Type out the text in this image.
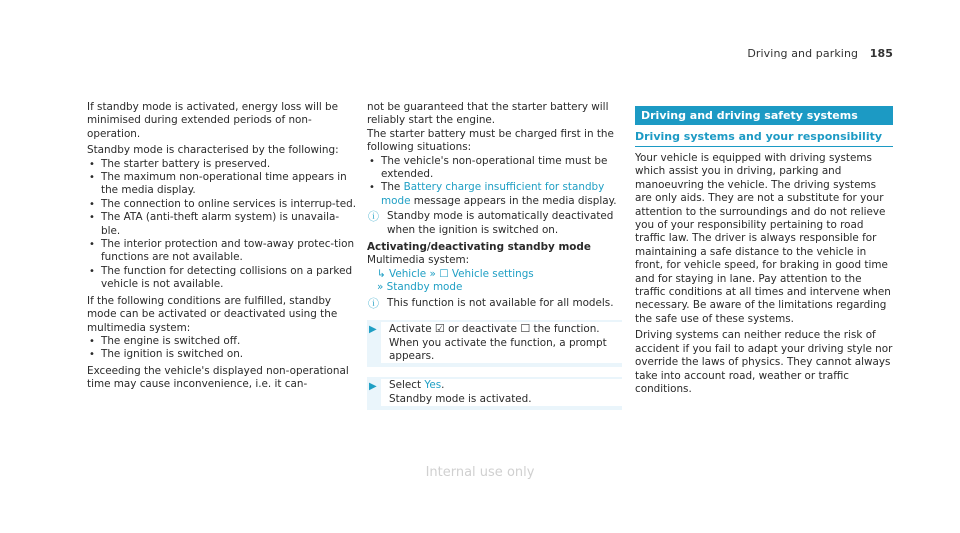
Driving and parking 185

If standby mode is activated, energy loss will be minimised during extended periods of non-operation.

Standby mode is characterised by the following:

• The starter battery is preserved.
• The maximum non-operational time appears in the media display.
• The connection to online services is interrup-ted.
• The ATA (anti-theft alarm system) is unavaila-ble.
• The interior protection and tow-away protec-tion functions are not available.
• The function for detecting collisions on a parked vehicle is not available.

If the following conditions are fulfilled, standby mode can be activated or deactivated using the multimedia system:

• The engine is switched off.
• The ignition is switched on.

Exceeding the vehicle's displayed non-operational time may cause inconvenience, i.e. it can-

not be guaranteed that the starter battery will reliably start the engine.

The starter battery must be charged first in the following situations:

• The vehicle's non-operational time must be extended.
• The Battery charge insufficient for standby mode message appears in the media display.
ⓘ Standby mode is automatically deactivated when the ignition is switched on.

Activating/deactivating standby mode

Multimedia system:

↳ Vehicle » ☐ Vehicle settings
» Standby mode
ⓘ This function is not available for all models.
▶	Activate ☑ or deactivate ☐ the function.
When you activate the function, a prompt appears.
▶	Select Yes.
Standby mode is activated.
Driving and driving safety systems
Driving systems and your responsibility

Your vehicle is equipped with driving systems which assist you in driving, parking and manoeuvring the vehicle. The driving systems are only aids. They are not a substitute for your attention to the surroundings and do not relieve you of your responsibility pertaining to road traffic law. The driver is always responsible for maintaining a safe distance to the vehicle in front, for vehicle speed, for braking in good time and for staying in lane. Pay attention to the traffic conditions at all times and intervene when necessary. Be aware of the limitations regarding the safe use of these systems.

Driving systems can neither reduce the risk of accident if you fail to adapt your driving style nor override the laws of physics. They cannot always take into account road, weather or traffic conditions.

Internal use only
